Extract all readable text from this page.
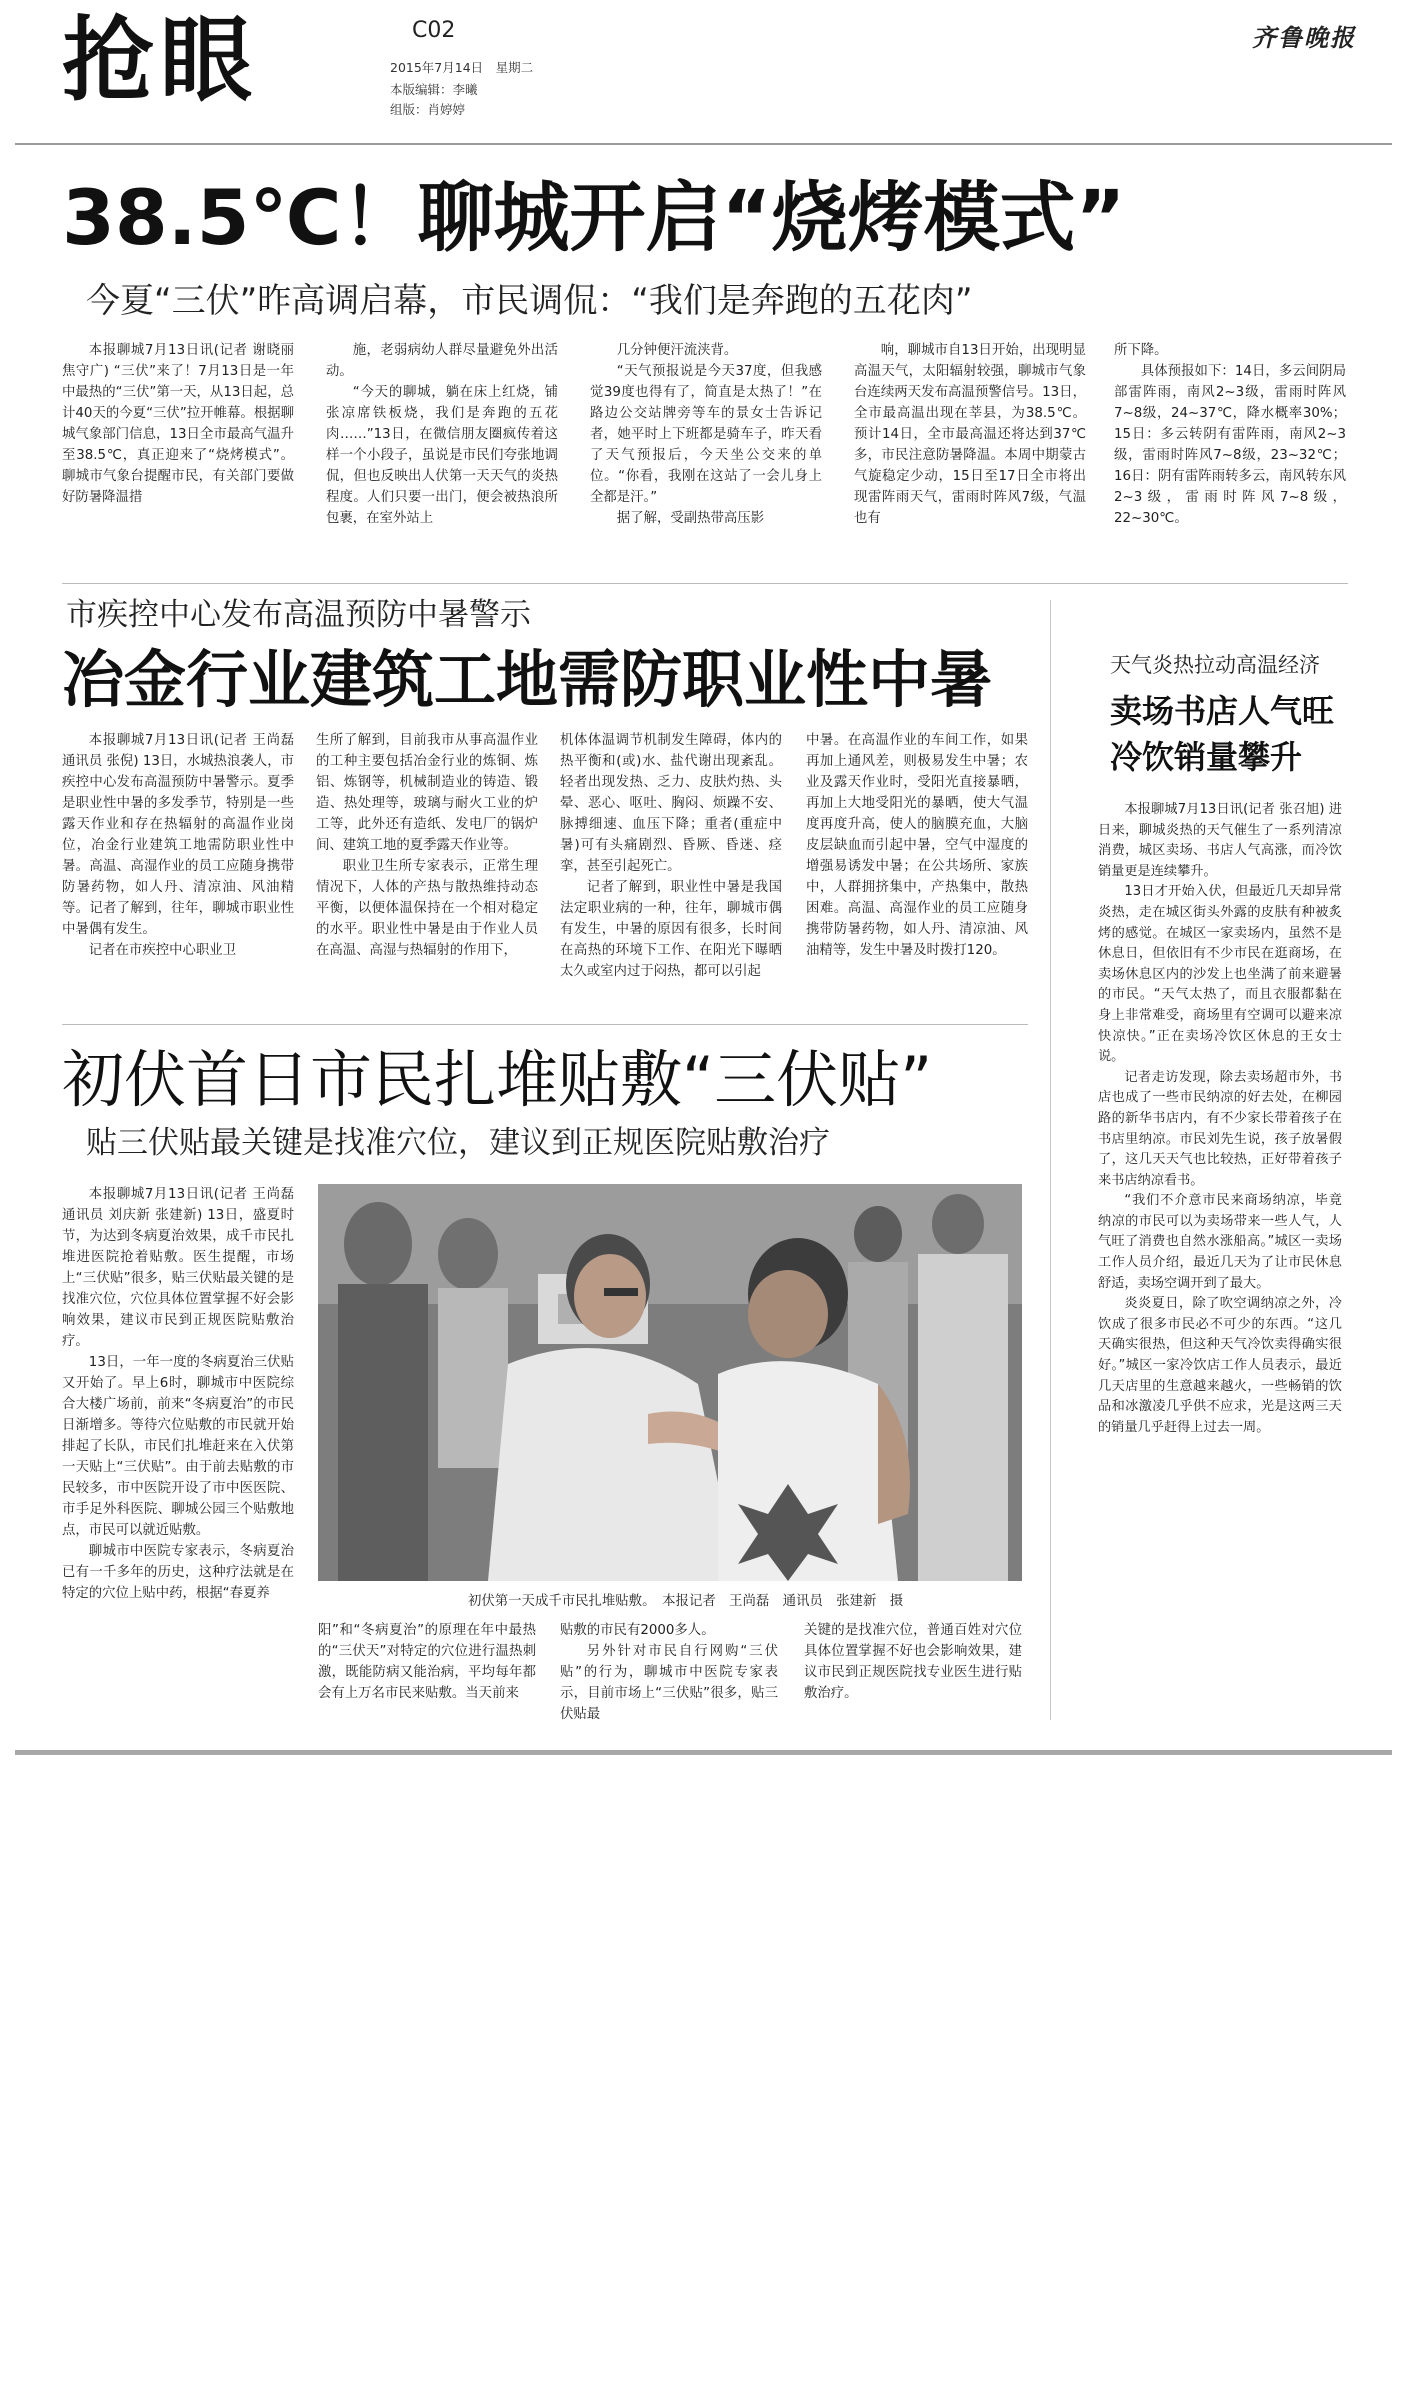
抢眼	C02
2015年7月14日　星期二
本版编辑：李曦
组版：肖婷婷
齐鲁晚报
38.5℃！聊城开启“烧烤模式”
今夏“三伏”昨高调启幕，市民调侃：“我们是奔跑的五花肉”

本报聊城7月13日讯(记者 谢晓丽 焦守广) “三伏”来了！7月13日是一年中最热的“三伏”第一天，从13日起，总计40天的今夏“三伏”拉开帷幕。根据聊城气象部门信息，13日全市最高气温升至38.5℃，真正迎来了“烧烤模式”。聊城市气象台提醒市民，有关部门要做好防暑降温措

施，老弱病幼人群尽量避免外出活动。

“今天的聊城，躺在床上红烧，铺张凉席铁板烧，我们是奔跑的五花肉……”13日，在微信朋友圈疯传着这样一个小段子，虽说是市民们夸张地调侃，但也反映出人伏第一天天气的炎热程度。人们只要一出门，便会被热浪所包裹，在室外站上

几分钟便汗流浃背。

“天气预报说是今天37度，但我感觉39度也得有了，简直是太热了！”在路边公交站牌旁等车的景女士告诉记者，她平时上下班都是骑车子，昨天看了天气预报后，今天坐公交来的单位。“你看，我刚在这站了一会儿身上全都是汗。”

据了解，受副热带高压影

响，聊城市自13日开始，出现明显高温天气，太阳辐射较强，聊城市气象台连续两天发布高温预警信号。13日，全市最高温出现在莘县，为38.5℃。预计14日，全市最高温还将达到37℃多，市民注意防暑降温。本周中期蒙古气旋稳定少动，15日至17日全市将出现雷阵雨天气，雷雨时阵风7级，气温也有

所下降。

具体预报如下：14日，多云间阴局部雷阵雨，南风2~3级，雷雨时阵风7~8级，24~37℃，降水概率30%；15日：多云转阴有雷阵雨，南风2~3级，雷雨时阵风7~8级，23~32℃；16日：阴有雷阵雨转多云，南风转东风2~3级，雷雨时阵风7~8级，22~30℃。

市疾控中心发布高温预防中暑警示
冶金行业建筑工地需防职业性中暑

本报聊城7月13日讯(记者 王尚磊 通讯员 张倪) 13日，水城热浪袭人，市疾控中心发布高温预防中暑警示。夏季是职业性中暑的多发季节，特别是一些露天作业和存在热辐射的高温作业岗位，冶金行业建筑工地需防职业性中暑。高温、高湿作业的员工应随身携带防暑药物，如人丹、清凉油、风油精等。记者了解到，往年，聊城市职业性中暑偶有发生。

记者在市疾控中心职业卫

生所了解到，目前我市从事高温作业的工种主要包括冶金行业的炼铜、炼铝、炼钢等，机械制造业的铸造、锻造、热处理等，玻璃与耐火工业的炉工等，此外还有造纸、发电厂的锅炉间、建筑工地的夏季露天作业等。

职业卫生所专家表示，正常生理情况下，人体的产热与散热维持动态平衡，以便体温保持在一个相对稳定的水平。职业性中暑是由于作业人员在高温、高湿与热辐射的作用下，

机体体温调节机制发生障碍，体内的热平衡和(或)水、盐代谢出现紊乱。轻者出现发热、乏力、皮肤灼热、头晕、恶心、呕吐、胸闷、烦躁不安、脉搏细速、血压下降；重者(重症中暑)可有头痛剧烈、昏厥、昏迷、痉挛，甚至引起死亡。

记者了解到，职业性中暑是我国法定职业病的一种，往年，聊城市偶有发生，中暑的原因有很多，长时间在高热的环境下工作、在阳光下曝晒太久或室内过于闷热，都可以引起

中暑。在高温作业的车间工作，如果再加上通风差，则极易发生中暑；农业及露天作业时，受阳光直接暴晒，再加上大地受阳光的暴晒，使大气温度再度升高，使人的脑膜充血，大脑皮层缺血而引起中暑，空气中湿度的增强易诱发中暑；在公共场所、家族中，人群拥挤集中，产热集中，散热困难。高温、高湿作业的员工应随身携带防暑药物，如人丹、清凉油、风油精等，发生中暑及时拨打120。

初伏首日市民扎堆贴敷“三伏贴”
贴三伏贴最关键是找准穴位，建议到正规医院贴敷治疗

本报聊城7月13日讯(记者 王尚磊 通讯员 刘庆新 张建新) 13日，盛夏时节，为达到冬病夏治效果，成千市民扎堆进医院抢着贴敷。医生提醒，市场上“三伏贴”很多，贴三伏贴最关键的是找准穴位，穴位具体位置掌握不好会影响效果，建议市民到正规医院贴敷治疗。

13日，一年一度的冬病夏治三伏贴又开始了。早上6时，聊城市中医院综合大楼广场前，前来“冬病夏治”的市民日渐增多。等待穴位贴敷的市民就开始排起了长队，市民们扎堆赶来在入伏第一天贴上“三伏贴”。由于前去贴敷的市民较多，市中医院开设了市中医医院、市手足外科医院、聊城公园三个贴敷地点，市民可以就近贴敷。

聊城市中医院专家表示，冬病夏治已有一千多年的历史，这种疗法就是在特定的穴位上贴中药，根据“春夏养

初伏第一天成千市民扎堆贴敷。　本报记者　王尚磊　通讯员　张建新　摄

阳”和“冬病夏治”的原理在年中最热的“三伏天”对特定的穴位进行温热刺激，既能防病又能治病，平均每年都会有上万名市民来贴敷。当天前来

贴敷的市民有2000多人。

另外针对市民自行网购“三伏贴”的行为，聊城市中医院专家表示，目前市场上“三伏贴”很多，贴三伏贴最

关键的是找准穴位，普通百姓对穴位具体位置掌握不好也会影响效果，建议市民到正规医院找专业医生进行贴敷治疗。

天气炎热拉动高温经济
卖场书店人气旺
冷饮销量攀升

本报聊城7月13日讯(记者 张召旭) 进日来，聊城炎热的天气催生了一系列清凉消费，城区卖场、书店人气高涨，而冷饮销量更是连续攀升。

13日才开始入伏，但最近几天却异常炎热，走在城区街头外露的皮肤有种被炙烤的感觉。在城区一家卖场内，虽然不是休息日，但依旧有不少市民在逛商场，在卖场休息区内的沙发上也坐满了前来避暑的市民。“天气太热了，而且衣服都黏在身上非常难受，商场里有空调可以避来凉快凉快。”正在卖场冷饮区休息的王女士说。

记者走访发现，除去卖场超市外，书店也成了一些市民纳凉的好去处，在柳园路的新华书店内，有不少家长带着孩子在书店里纳凉。市民刘先生说，孩子放暑假了，这几天天气也比较热，正好带着孩子来书店纳凉看书。

“我们不介意市民来商场纳凉，毕竟纳凉的市民可以为卖场带来一些人气，人气旺了消费也自然水涨船高。”城区一卖场工作人员介绍，最近几天为了让市民休息舒适，卖场空调开到了最大。

炎炎夏日，除了吹空调纳凉之外，冷饮成了很多市民必不可少的东西。“这几天确实很热，但这种天气冷饮卖得确实很好。”城区一家冷饮店工作人员表示，最近几天店里的生意越来越火，一些畅销的饮品和冰激凌几乎供不应求，光是这两三天的销量几乎赶得上过去一周。
